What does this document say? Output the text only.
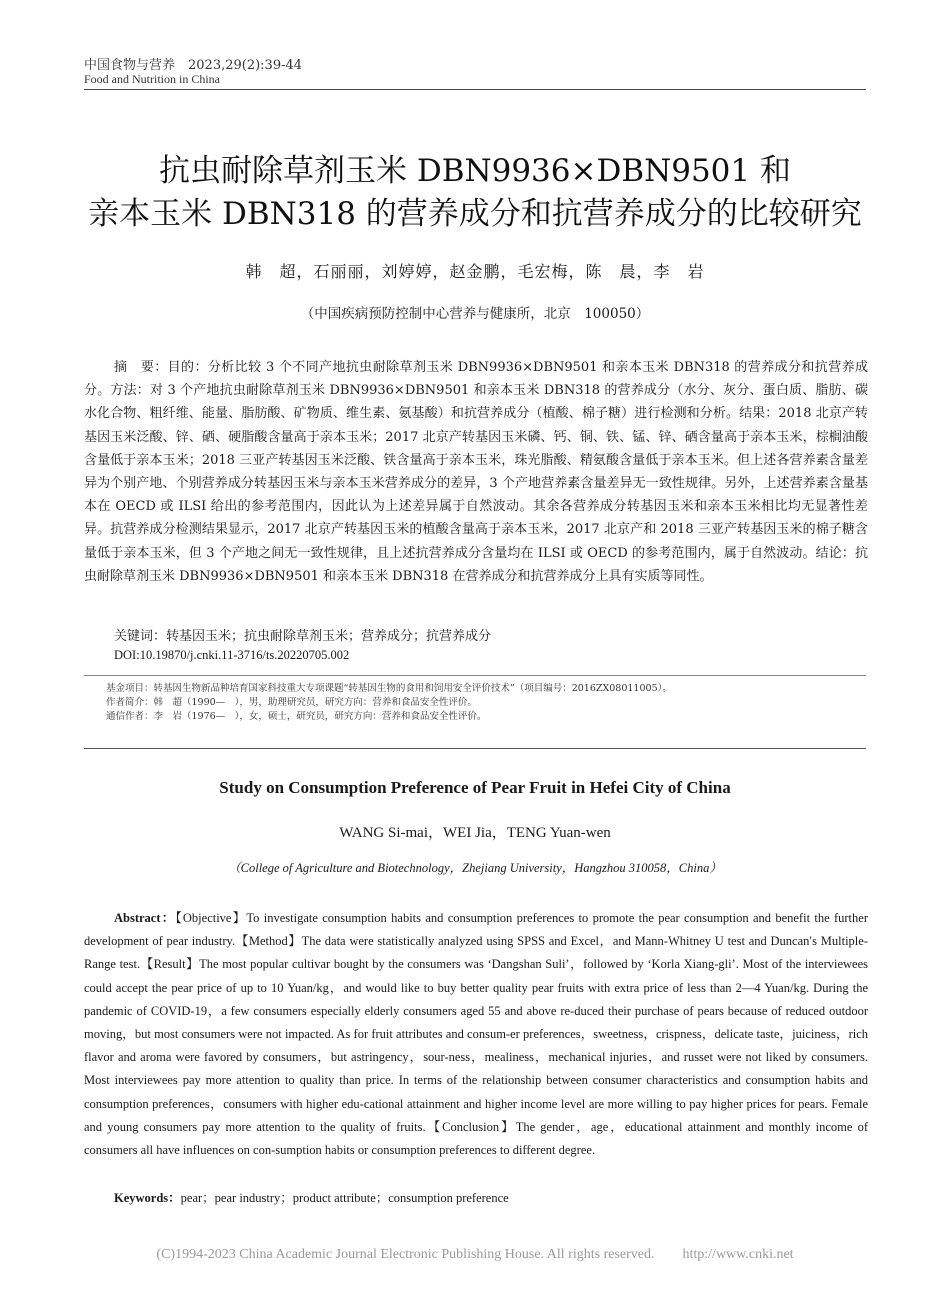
中国食物与营养　2023,29(2):39-44
Food and Nutrition in China
抗虫耐除草剂玉米 DBN9936×DBN9501 和
亲本玉米 DBN318 的营养成分和抗营养成分的比较研究
韩　超，石丽丽，刘婷婷，赵金鹏，毛宏梅，陈　晨，李　岩
（中国疾病预防控制中心营养与健康所，北京　100050）
摘　要：目的：分析比较 3 个不同产地抗虫耐除草剂玉米 DBN9936×DBN9501 和亲本玉米 DBN318 的营养成分和抗营养成分。方法：对 3 个产地抗虫耐除草剂玉米 DBN9936×DBN9501 和亲本玉米 DBN318 的营养成分（水分、灰分、蛋白质、脂肪、碳水化合物、粗纤维、能量、脂肪酸、矿物质、维生素、氨基酸）和抗营养成分（植酸、棉子糖）进行检测和分析。结果：2018 北京产转基因玉米泛酸、锌、硒、硬脂酸含量高于亲本玉米；2017 北京产转基因玉米磷、钙、铜、铁、锰、锌、硒含量高于亲本玉米，棕榈油酸含量低于亲本玉米；2018 三亚产转基因玉米泛酸、铁含量高于亲本玉米，珠光脂酸、精氨酸含量低于亲本玉米。但上述各营养素含量差异为个别产地、个别营养成分转基因玉米与亲本玉米营养成分的差异，3 个产地营养素含量差异无一致性规律。另外，上述营养素含量基本在 OECD 或 ILSI 给出的参考范围内，因此认为上述差异属于自然波动。其余各营养成分转基因玉米和亲本玉米相比均无显著性差异。抗营养成分检测结果显示，2017 北京产转基因玉米的植酸含量高于亲本玉米，2017 北京产和 2018 三亚产转基因玉米的棉子糖含量低于亲本玉米，但 3 个产地之间无一致性规律，且上述抗营养成分含量均在 ILSI 或 OECD 的参考范围内，属于自然波动。结论：抗虫耐除草剂玉米 DBN9936×DBN9501 和亲本玉米 DBN318 在营养成分和抗营养成分上具有实质等同性。
关键词：转基因玉米；抗虫耐除草剂玉米；营养成分；抗营养成分
DOI:10.19870/j.cnki.11-3716/ts.20220705.002
基金项目：转基因生物新品种培育国家科技重大专项课题“转基因生物的食用和饲用安全评价技术”（项目编号：2016ZX08011005）。
作者简介：韩　超（1990—　），男，助理研究员，研究方向：营养和食品安全性评价。
通信作者：李　岩（1976—　），女，硕士，研究员，研究方向：营养和食品安全性评价。
Study on Consumption Preference of Pear Fruit in Hefei City of China
WANG Si-mai，WEI Jia，TENG Yuan-wen
（College of Agriculture and Biotechnology，Zhejiang University，Hangzhou 310058，China）
Abstract：【Objective】To investigate consumption habits and consumption preferences to promote the pear consumption and benefit the further development of pear industry.【Method】The data were statistically analyzed using SPSS and Excel，and Mann-Whitney U test and Duncan′s Multiple-Range test.【Result】The most popular cultivar bought by the consumers was ‘Dangshan Suli’，followed by ‘Korla Xiang-gli’. Most of the interviewees could accept the pear price of up to 10 Yuan/kg，and would like to buy better quality pear fruits with extra price of less than 2—4 Yuan/kg. During the pandemic of COVID-19，a few consumers especially elderly consumers aged 55 and above re-duced their purchase of pears because of reduced outdoor moving，but most consumers were not impacted. As for fruit attributes and consum-er preferences，sweetness，crispness，delicate taste，juiciness，rich flavor and aroma were favored by consumers，but astringency，sour-ness，mealiness，mechanical injuries，and russet were not liked by consumers. Most interviewees pay more attention to quality than price. In terms of the relationship between consumer characteristics and consumption habits and consumption preferences，consumers with higher edu-cational attainment and higher income level are more willing to pay higher prices for pears. Female and young consumers pay more attention to the quality of fruits.【Conclusion】The gender，age，educational attainment and monthly income of consumers all have influences on con-sumption habits or consumption preferences to different degree.
Keywords：pear；pear industry；product attribute；consumption preference
(C)1994-2023 China Academic Journal Electronic Publishing House. All rights reserved.　　http://www.cnki.net
